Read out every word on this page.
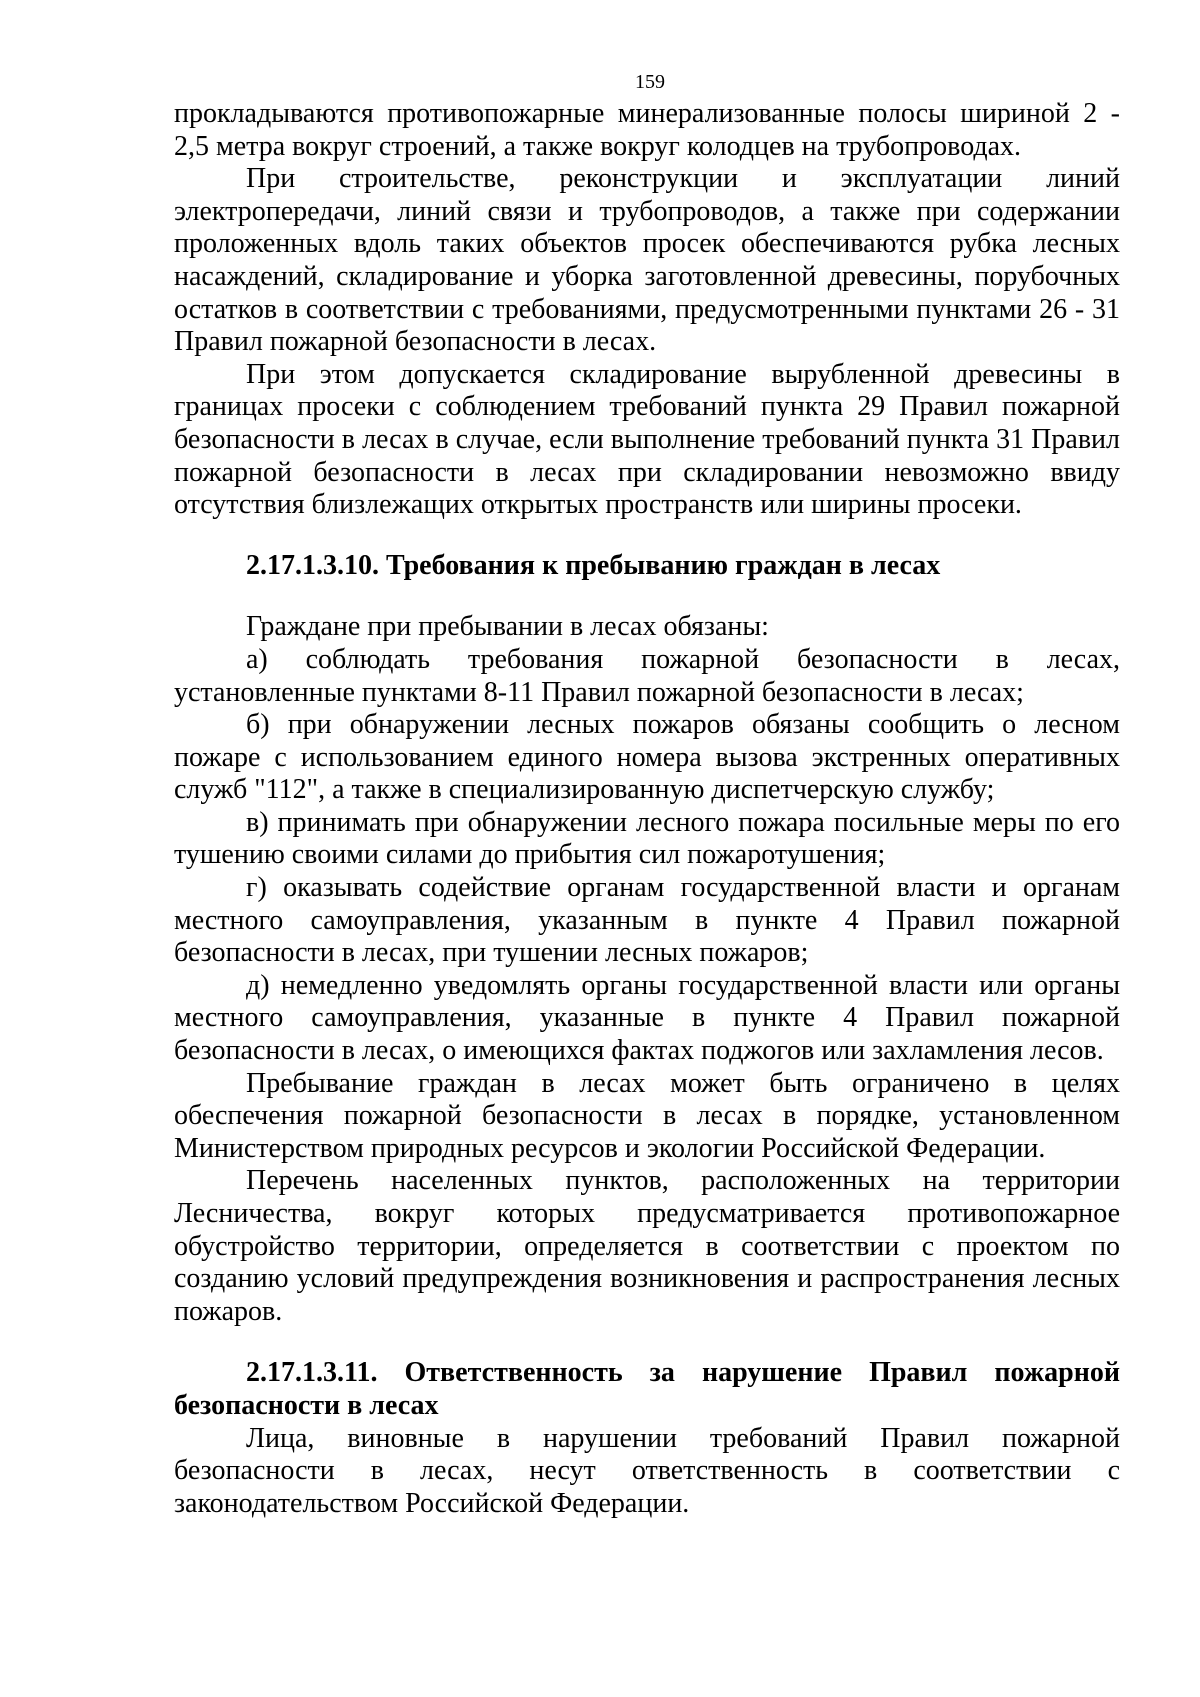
159

прокладываются противопожарные минерализованные полосы шириной 2 - 2,5 метра вокруг строений, а также вокруг колодцев на трубопроводах.

При строительстве, реконструкции и эксплуатации линий электропередачи, линий связи и трубопроводов, а также при содержании проложенных вдоль таких объектов просек обеспечиваются рубка лесных насаждений, складирование и уборка заготовленной древесины, порубочных остатков в соответствии с требованиями, предусмотренными пунктами 26 - 31 Правил пожарной безопасности в лесах.

При этом допускается складирование вырубленной древесины в границах просеки с соблюдением требований пункта 29 Правил пожарной безопасности в лесах в случае, если выполнение требований пункта 31 Правил пожарной безопасности в лесах при складировании невозможно ввиду отсутствия близлежащих открытых пространств или ширины просеки.

2.17.1.3.10. Требования к пребыванию граждан в лесах

Граждане при пребывании в лесах обязаны:

а) соблюдать требования пожарной безопасности в лесах, установленные пунктами 8-11 Правил пожарной безопасности в лесах;

б) при обнаружении лесных пожаров обязаны сообщить о лесном пожаре с использованием единого номера вызова экстренных оперативных служб "112", а также в специализированную диспетчерскую службу;

в) принимать при обнаружении лесного пожара посильные меры по его тушению своими силами до прибытия сил пожаротушения;

г) оказывать содействие органам государственной власти и органам местного самоуправления, указанным в пункте 4 Правил пожарной безопасности в лесах, при тушении лесных пожаров;

д) немедленно уведомлять органы государственной власти или органы местного самоуправления, указанные в пункте 4 Правил пожарной безопасности в лесах, о имеющихся фактах поджогов или захламления лесов.

Пребывание граждан в лесах может быть ограничено в целях обеспечения пожарной безопасности в лесах в порядке, установленном Министерством природных ресурсов и экологии Российской Федерации.

Перечень населенных пунктов, расположенных на территории Лесничества, вокруг которых предусматривается противопожарное обустройство территории, определяется в соответствии с проектом по созданию условий предупреждения возникновения и распространения лесных пожаров.

2.17.1.3.11. Ответственность за нарушение Правил пожарной безопасности в лесах

Лица, виновные в нарушении требований Правил пожарной безопасности в лесах, несут ответственность в соответствии с законодательством Российской Федерации.
